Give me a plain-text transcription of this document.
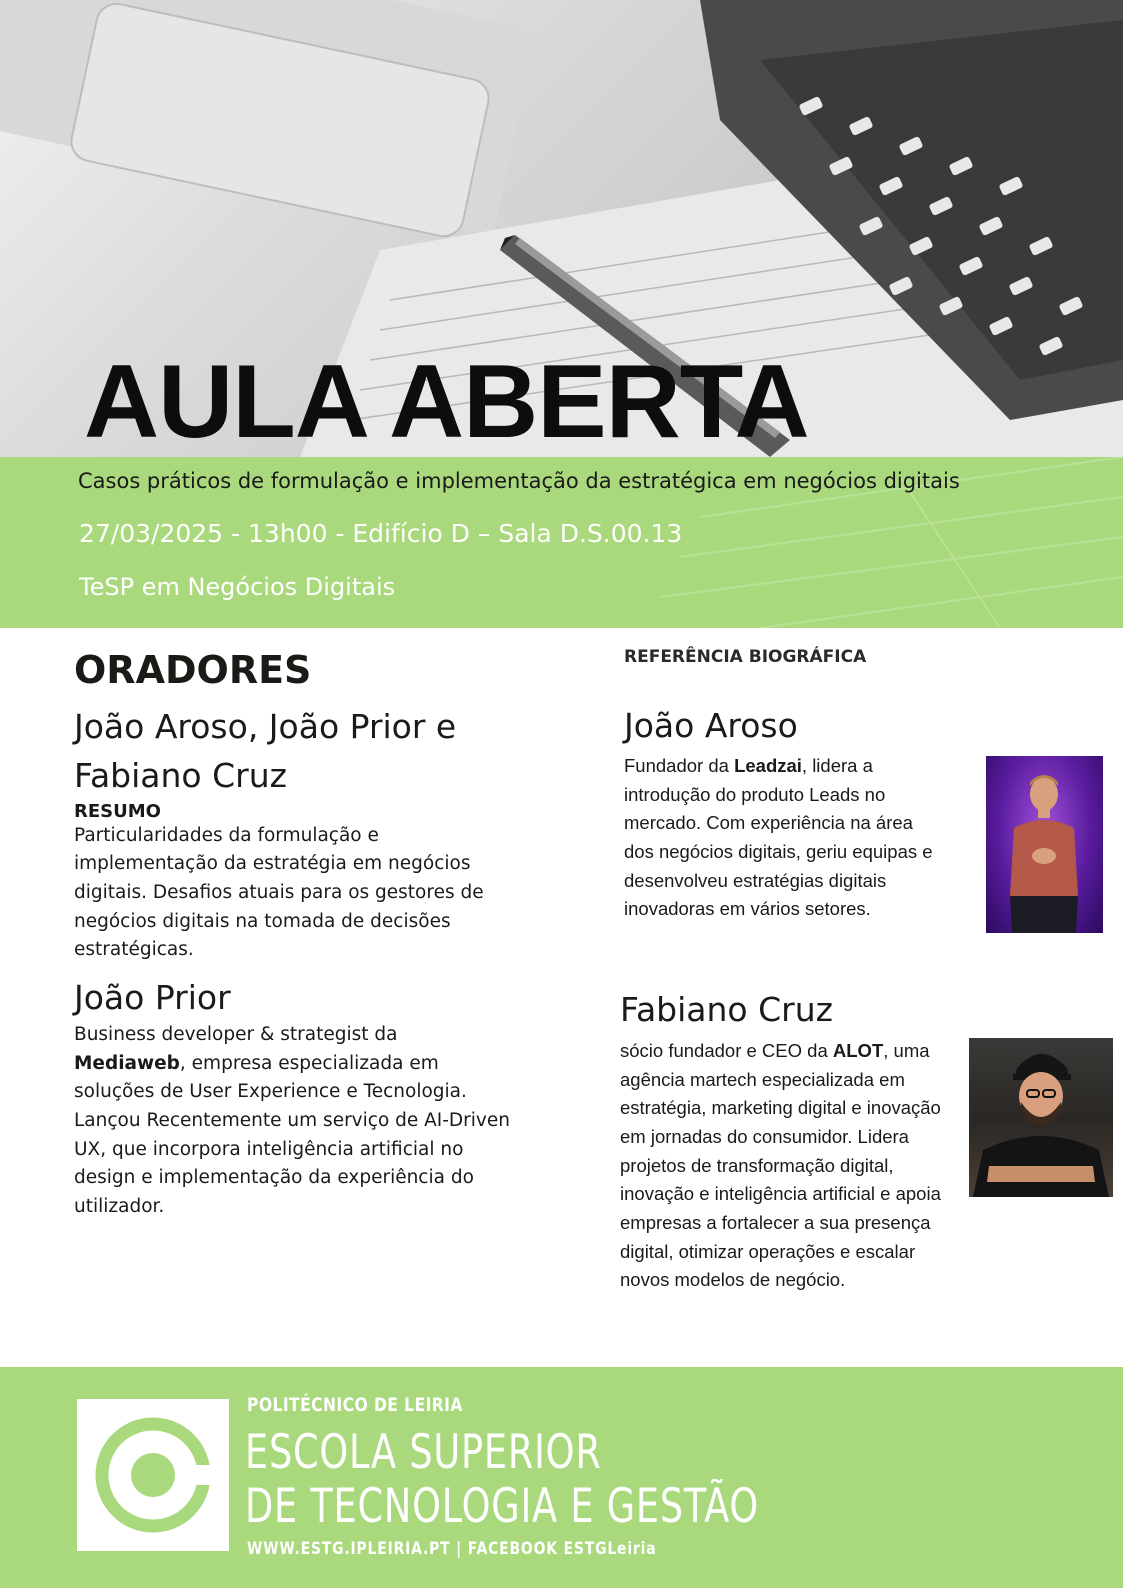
AULA ABERTA
Casos práticos de formulação e implementação da estratégica em negócios digitais
27/03/2025 - 13h00 - Edifício D – Sala D.S.00.13
TeSP em Negócios Digitais
ORADORES
João Aroso, João Prior e
Fabiano Cruz
RESUMO

Particularidades da formulação e implementação da estratégia em negócios digitais. Desafios atuais para os gestores de negócios digitais na tomada de decisões estratégicas.

João Prior

Business developer & strategist da Mediaweb, empresa especializada em soluções de User Experience e Tecnologia. Lançou Recentemente um serviço de AI-Driven UX, que incorpora inteligência artificial no design e implementação da experiência do utilizador.

REFERÊNCIA BIOGRÁFICA
João Aroso

Fundador da Leadzai, lidera a introdução do produto Leads no mercado. Com experiência na área dos negócios digitais, geriu equipas e desenvolveu estratégias digitais inovadoras em vários setores.

Fabiano Cruz

sócio fundador e CEO da ALOT, uma agência martech especializada em estratégia, marketing digital e inovação em jornadas do consumidor. Lidera projetos de transformação digital, inovação e inteligência artificial e apoia empresas a fortalecer a sua presença digital, otimizar operações e escalar novos modelos de negócio.

POLITÉCNICO DE LEIRIA
ESCOLA SUPERIOR
DE TECNOLOGIA E GESTÃO
WWW.ESTG.IPLEIRIA.PT | FACEBOOK ESTGLeiria
